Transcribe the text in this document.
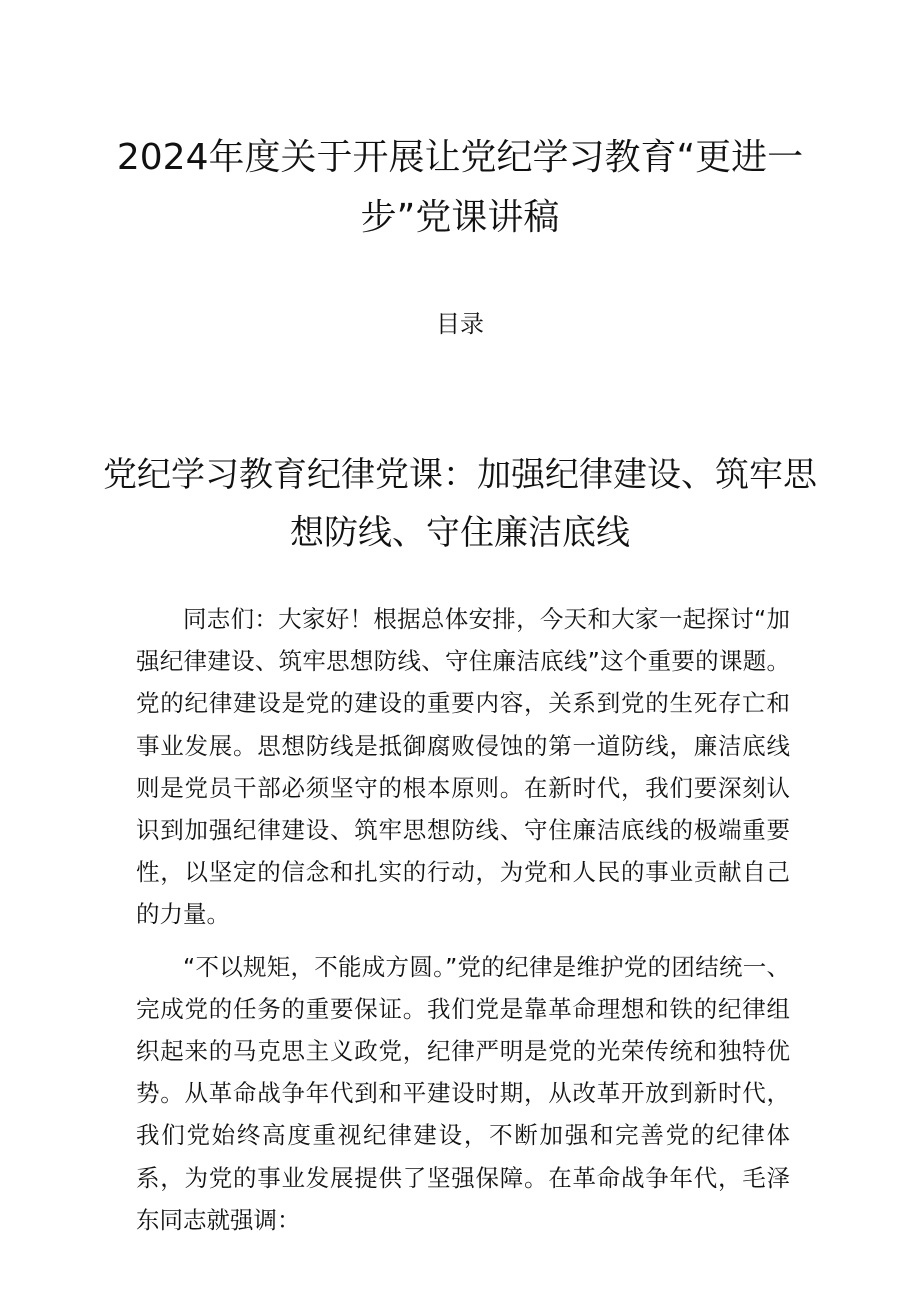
2024年度关于开展让党纪学习教育“更进一步”党课讲稿
目录
党纪学习教育纪律党课：加强纪律建设、筑牢思想防线、守住廉洁底线

同志们：大家好！根据总体安排，今天和大家一起探讨“加强纪律建设、筑牢思想防线、守住廉洁底线”这个重要的课题。党的纪律建设是党的建设的重要内容，关系到党的生死存亡和事业发展。思想防线是抵御腐败侵蚀的第一道防线，廉洁底线则是党员干部必须坚守的根本原则。在新时代，我们要深刻认识到加强纪律建设、筑牢思想防线、守住廉洁底线的极端重要性，以坚定的信念和扎实的行动，为党和人民的事业贡献自己的力量。

“不以规矩，不能成方圆。”党的纪律是维护党的团结统一、完成党的任务的重要保证。我们党是靠革命理想和铁的纪律组织起来的马克思主义政党，纪律严明是党的光荣传统和独特优势。从革命战争年代到和平建设时期，从改革开放到新时代，我们党始终高度重视纪律建设，不断加强和完善党的纪律体系，为党的事业发展提供了坚强保障。在革命战争年代，毛泽东同志就强调：
